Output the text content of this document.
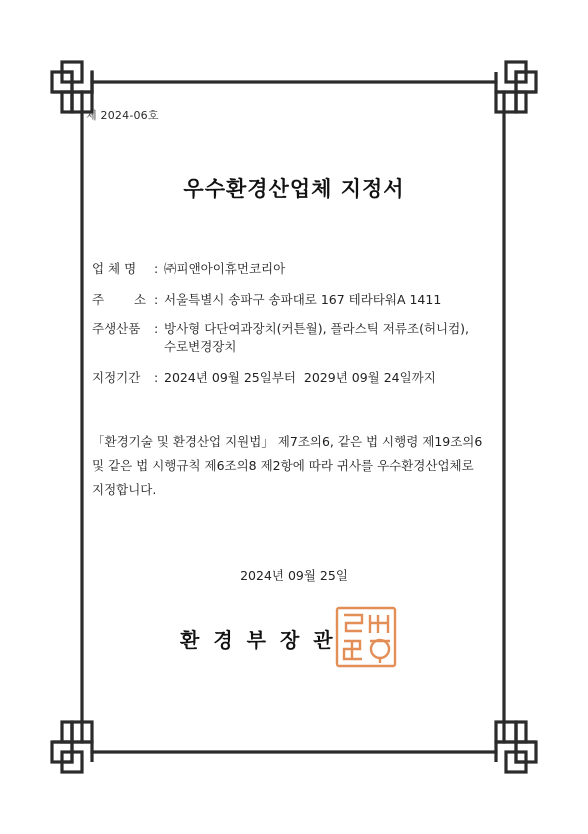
제 2024-06호
우수환경산업체 지정서
업 체 명 : ㈜피앤아이휴먼코리아
주 소 : 서울특별시 송파구 송파대로 167 테라타워A 1411
주생산품 : 방사형 다단여과장치(커튼월), 플라스틱 저류조(허니컴),
수로변경장치
지정기간 : 2024년 09월 25일부터  2029년 09월 24일까지
「환경기술 및 환경산업 지원법」 제7조의6, 같은 법 시행령 제19조의6
및 같은 법 시행규칙 제6조의8 제2항에 따라 귀사를 우수환경산업체로
지정합니다.
2024년 09월 25일
환경부장관
